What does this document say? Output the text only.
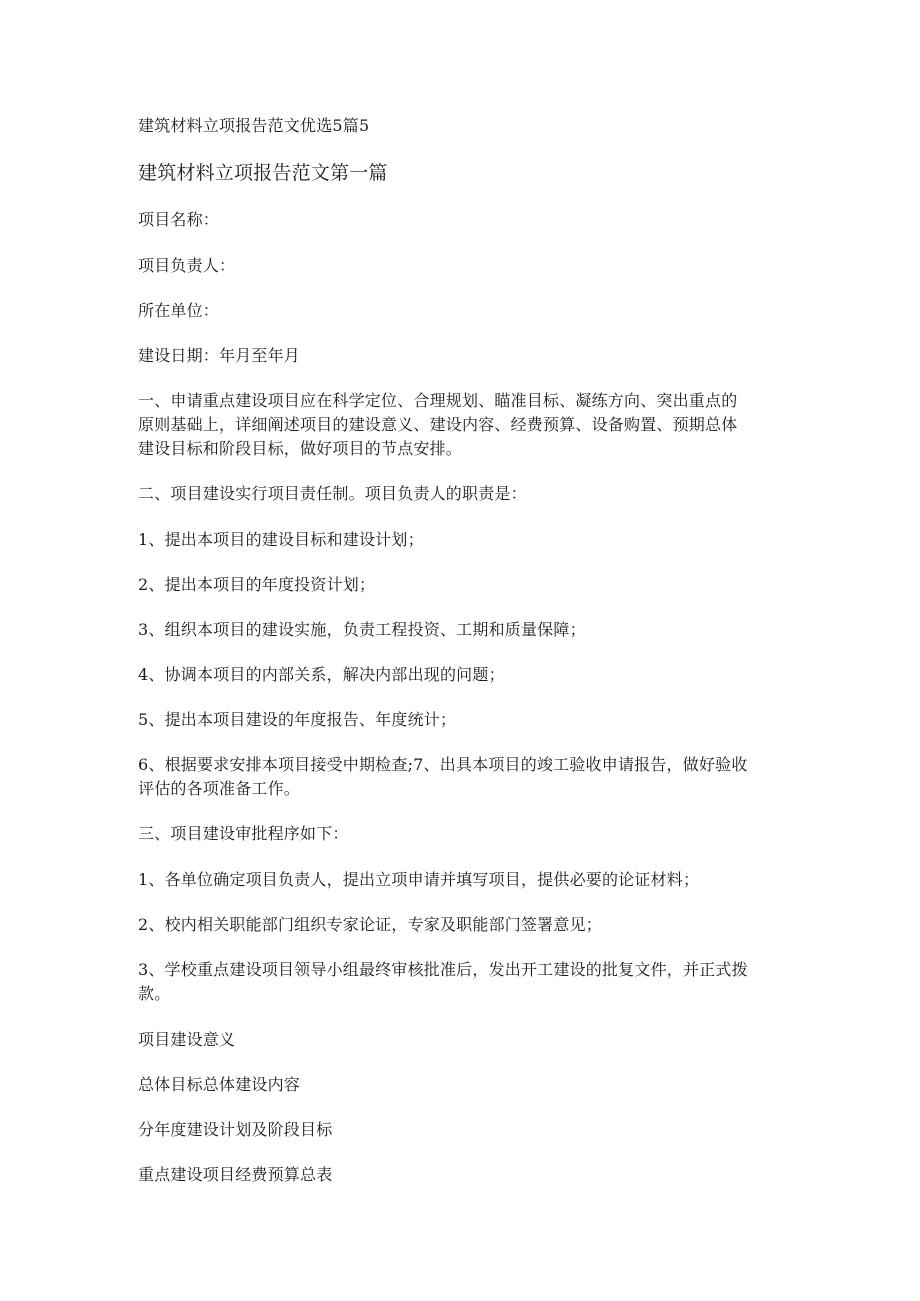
建筑材料立项报告范文优选5篇5
建筑材料立项报告范文第一篇
项目名称：
项目负责人：
所在单位：
建设日期：年月至年月
一、申请重点建设项目应在科学定位、合理规划、瞄准目标、凝练方向、突出重点的
原则基础上，详细阐述项目的建设意义、建设内容、经费预算、设备购置、预期总体
建设目标和阶段目标，做好项目的节点安排。
二、项目建设实行项目责任制。项目负责人的职责是：
1、提出本项目的建设目标和建设计划；
2、提出本项目的年度投资计划；
3、组织本项目的建设实施，负责工程投资、工期和质量保障；
4、协调本项目的内部关系，解决内部出现的问题；
5、提出本项目建设的年度报告、年度统计；
6、根据要求安排本项目接受中期检查;7、出具本项目的竣工验收申请报告，做好验收
评估的各项准备工作。
三、项目建设审批程序如下：
1、各单位确定项目负责人，提出立项申请并填写项目，提供必要的论证材料；
2、校内相关职能部门组织专家论证，专家及职能部门签署意见；
3、学校重点建设项目领导小组最终审核批准后，发出开工建设的批复文件，并正式拨
款。
项目建设意义
总体目标总体建设内容
分年度建设计划及阶段目标
重点建设项目经费预算总表
